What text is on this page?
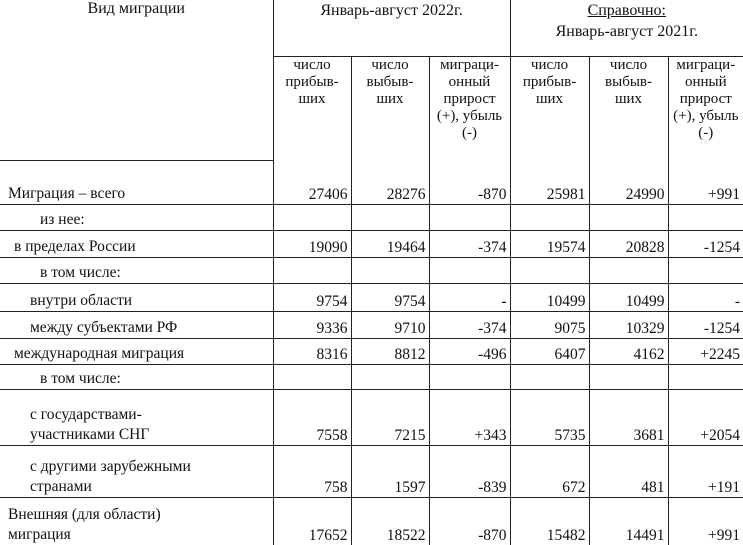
Вид миграции	Январь-август 2022г.			Справочно:
Январь-август 2021г.		
	число прибыв-ших	число выбыв-ших	миграци-онный прирост (+), убыль (-)	число прибыв-ших	число выбыв-ших	миграци-онный прирост (+), убыль (-)
Миграция – всего	27406	28276	-870	25981	24990	+991
из нее:						
в пределах России	19090	19464	-374	19574	20828	-1254
в том числе:						
внутри области	9754	9754	-	10499	10499	-
между субъектами РФ	9336	9710	-374	9075	10329	-1254
международная миграция	8316	8812	-496	6407	4162	+2245
в том числе:						
с государствами-участниками СНГ	7558	7215	+343	5735	3681	+2054
с другими зарубежными странами	758	1597	-839	672	481	+191
Внешняя (для области) миграция	17652	18522	-870	15482	14491	+991
